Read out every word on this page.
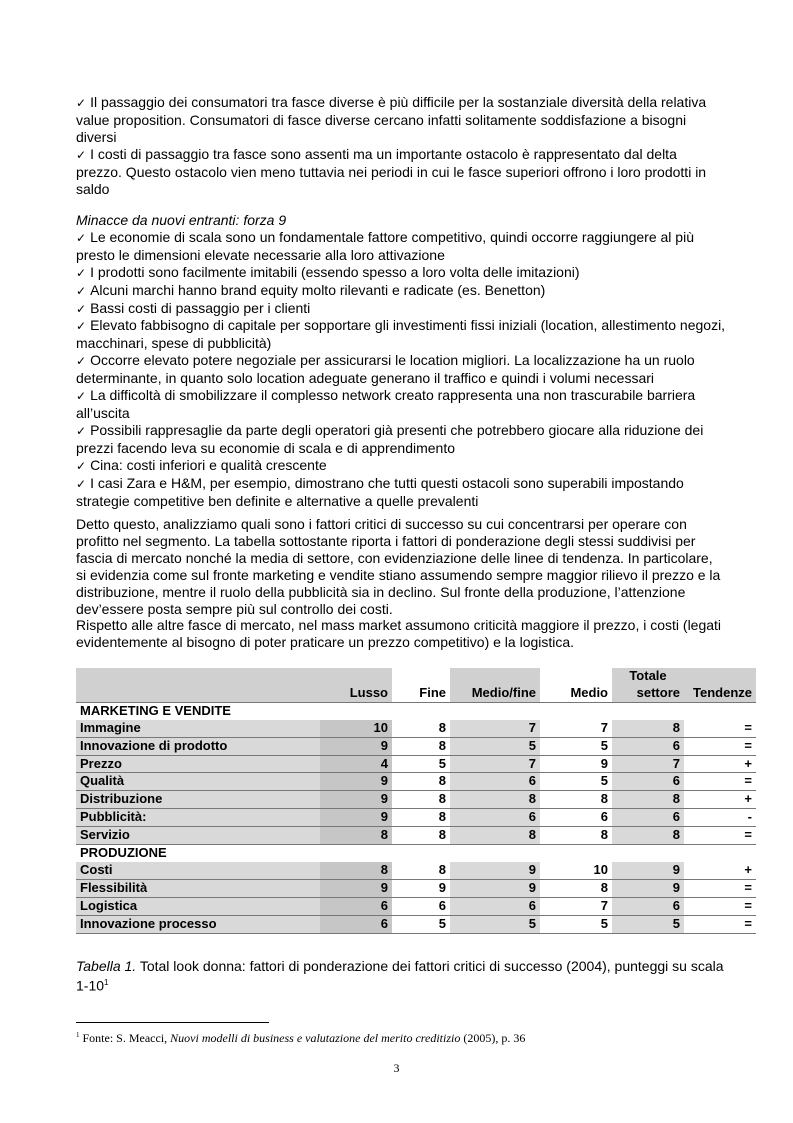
✓ Il passaggio dei consumatori tra fasce diverse è più difficile per la sostanziale diversità della relativa value proposition. Consumatori di fasce diverse cercano infatti solitamente soddisfazione a bisogni diversi

✓ I costi di passaggio tra fasce sono assenti ma un importante ostacolo è rappresentato dal delta prezzo. Questo ostacolo vien meno tuttavia nei periodi in cui le fasce superiori offrono i loro prodotti in saldo

Minacce da nuovi entranti: forza 9

✓ Le economie di scala sono un fondamentale fattore competitivo, quindi occorre raggiungere al più presto le dimensioni elevate necessarie alla loro attivazione

✓ I prodotti sono facilmente imitabili (essendo spesso a loro volta delle imitazioni)

✓ Alcuni marchi hanno brand equity molto rilevanti e radicate (es. Benetton)

✓ Bassi costi di passaggio per i clienti

✓ Elevato fabbisogno di capitale per sopportare gli investimenti fissi iniziali (location, allestimento negozi, macchinari, spese di pubblicità)

✓ Occorre elevato potere negoziale per assicurarsi le location migliori. La localizzazione ha un ruolo determinante, in quanto solo location adeguate generano il traffico e quindi i volumi necessari

✓ La difficoltà di smobilizzare il complesso network creato rappresenta una non trascurabile barriera all’uscita

✓ Possibili rappresaglie da parte degli operatori già presenti che potrebbero giocare alla riduzione dei prezzi facendo leva su economie di scala e di apprendimento

✓ Cina: costi inferiori e qualità crescente

✓ I casi Zara e H&M, per esempio, dimostrano che tutti questi ostacoli sono superabili impostando strategie competitive ben definite e alternative a quelle prevalenti

Detto questo, analizziamo quali sono i fattori critici di successo su cui concentrarsi per operare con profitto nel segmento. La tabella sottostante riporta i fattori di ponderazione degli stessi suddivisi per fascia di mercato nonché la media di settore, con evidenziazione delle linee di tendenza. In particolare, si evidenzia come sul fronte marketing e vendite stiano assumendo sempre maggior rilievo il prezzo e la distribuzione, mentre il ruolo della pubblicità sia in declino. Sul fronte della produzione, l’attenzione dev’essere posta sempre più sul controllo dei costi.

Rispetto alle altre fasce di mercato, nel mass market assumono criticità maggiore il prezzo, i costi (legati evidentemente al bisogno di poter praticare un prezzo competitivo) e la logistica.

					Totale	
	Lusso	Fine	Medio/fine	Medio	settore	Tendenze
MARKETING E VENDITE						
Immagine	10	8	7	7	8	=
Innovazione di prodotto	9	8	5	5	6	=
Prezzo	4	5	7	9	7	+
Qualità	9	8	6	5	6	=
Distribuzione	9	8	8	8	8	+
Pubblicità:	9	8	6	6	6	-
Servizio	8	8	8	8	8	=
PRODUZIONE						
Costi	8	8	9	10	9	+
Flessibilità	9	9	9	8	9	=
Logistica	6	6	6	7	6	=
Innovazione processo	6	5	5	5	5	=

Tabella 1. Total look donna: fattori di ponderazione dei fattori critici di successo (2004), punteggi su scala $1-10^1$

$^1$ Fonte: S. Meacci, Nuovi modelli di business e valutazione del merito creditizio (2005), p. 36

3
